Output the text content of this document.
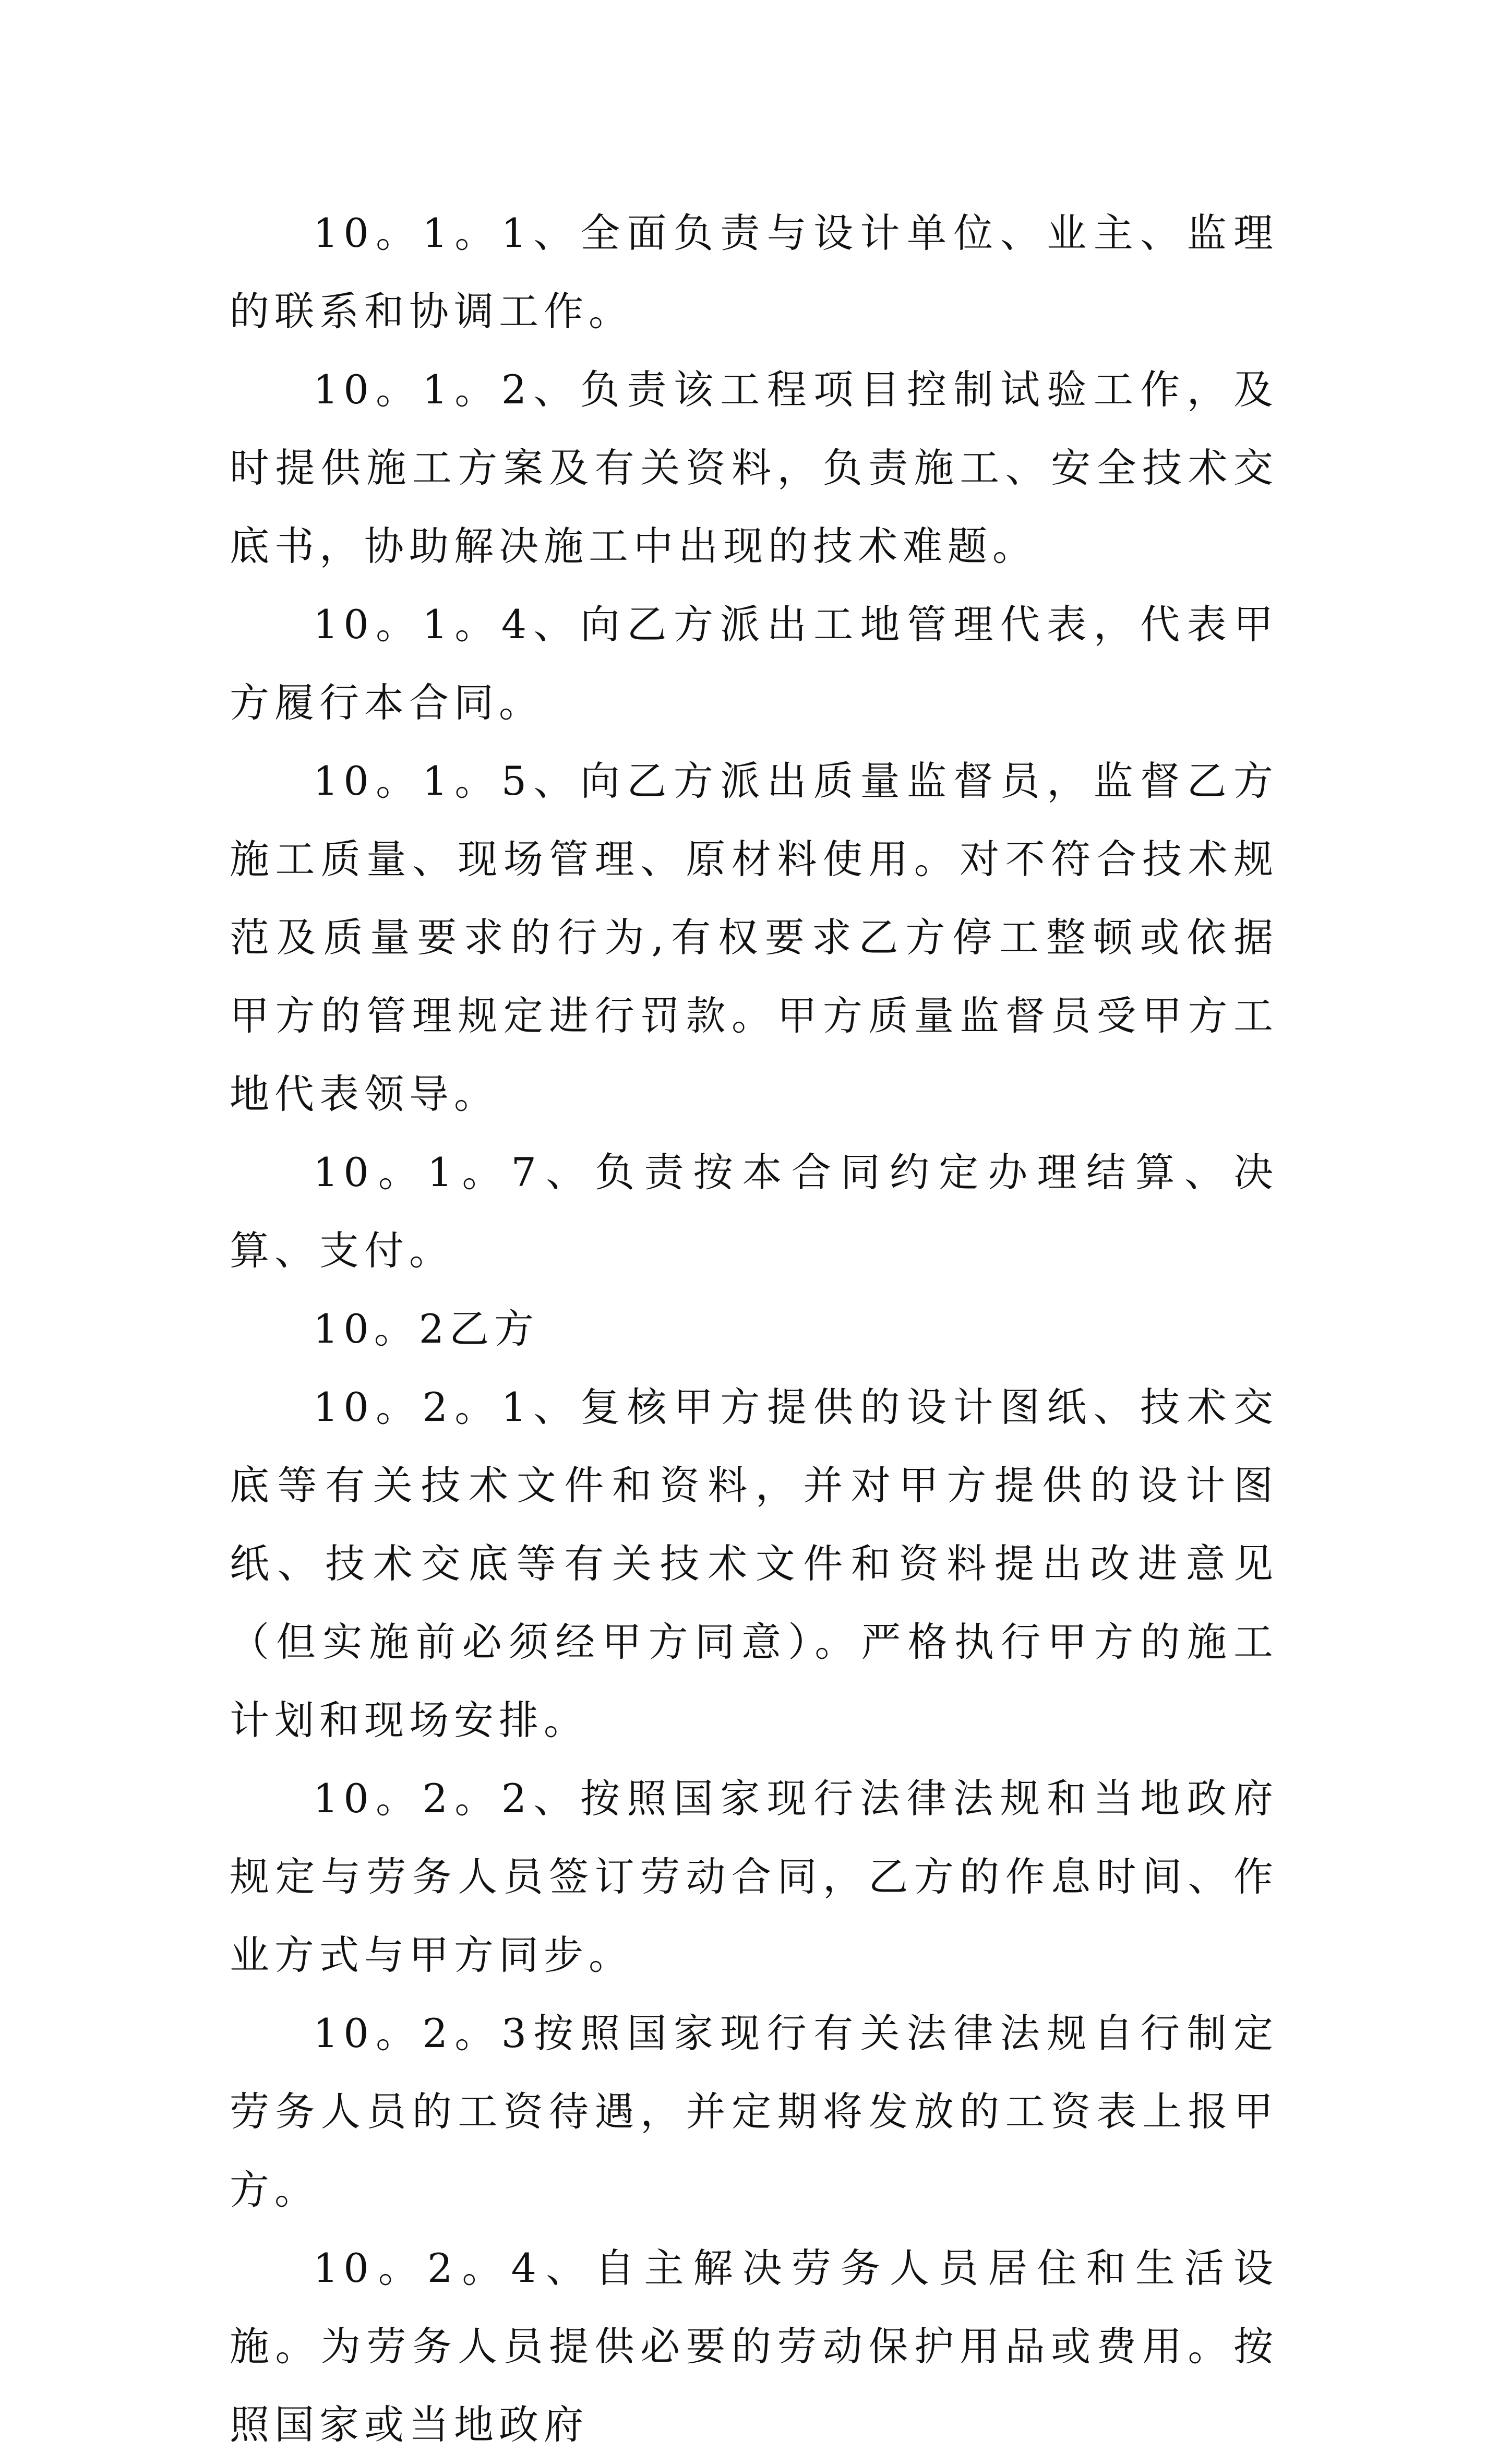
10。1。1、全面负责与设计单位、业主、监理的联系和协调工作。

10。1。2、负责该工程项目控制试验工作，及时提供施工方案及有关资料，负责施工、安全技术交底书，协助解决施工中出现的技术难题。

10。1。4、向乙方派出工地管理代表，代表甲方履行本合同。

10。1。5、向乙方派出质量监督员，监督乙方施工质量、现场管理、原材料使用。对不符合技术规范及质量要求的行为,有权要求乙方停工整顿或依据甲方的管理规定进行罚款。甲方质量监督员受甲方工地代表领导。

10。1。7、负责按本合同约定办理结算、决算、支付。

10。2乙方

10。2。1、复核甲方提供的设计图纸、技术交底等有关技术文件和资料，并对甲方提供的设计图纸、技术交底等有关技术文件和资料提出改进意见（但实施前必须经甲方同意）。严格执行甲方的施工计划和现场安排。

10。2。2、按照国家现行法律法规和当地政府规定与劳务人员签订劳动合同，乙方的作息时间、作业方式与甲方同步。

10。2。3按照国家现行有关法律法规自行制定劳务人员的工资待遇，并定期将发放的工资表上报甲方。

10。2。4、自主解决劳务人员居住和生活设施。为劳务人员提供必要的劳动保护用品或费用。按照国家或当地政府
